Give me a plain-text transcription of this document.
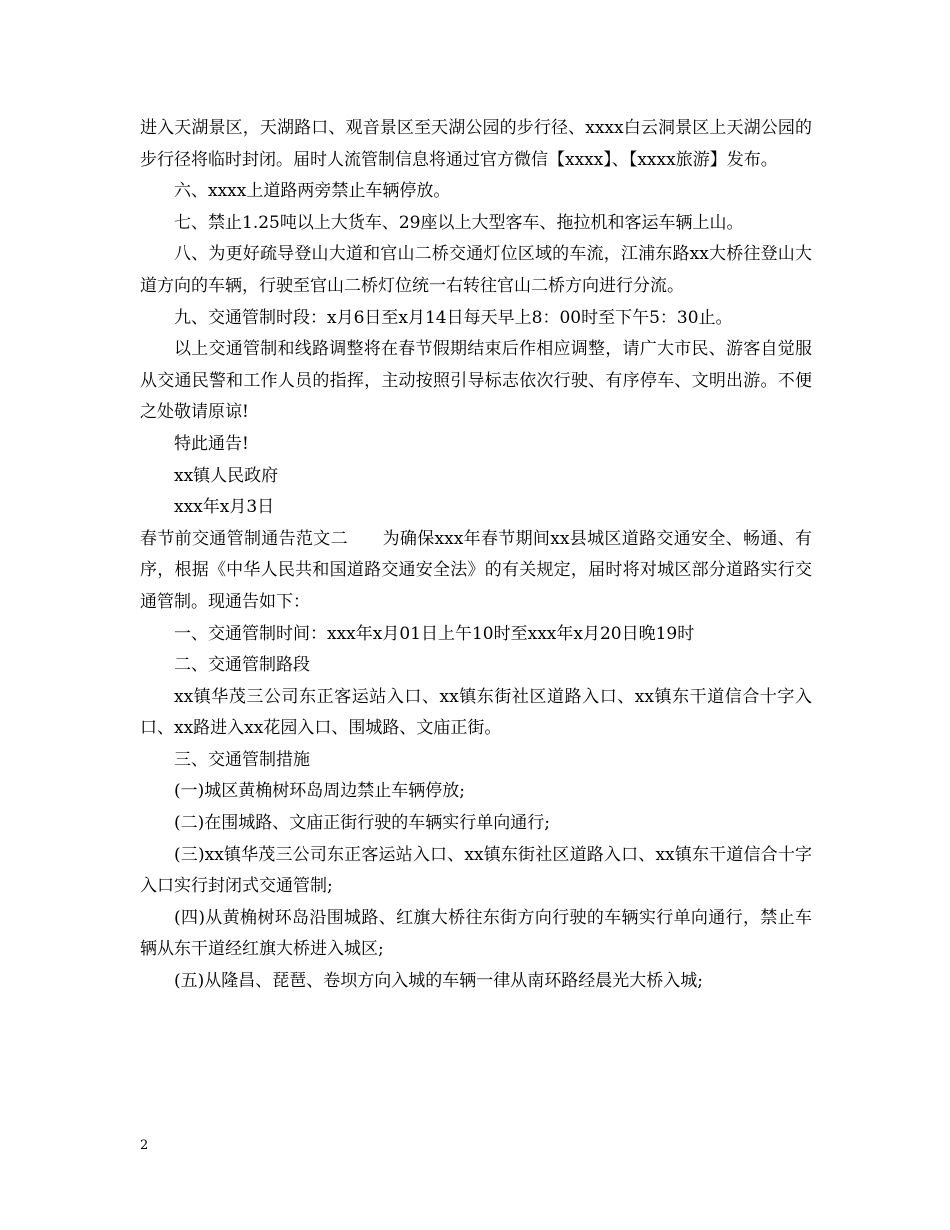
进入天湖景区，天湖路口、观音景区至天湖公园的步行径、xxxx白云洞景区上天湖公园的步行径将临时封闭。届时人流管制信息将通过官方微信【xxxx】、【xxxx旅游】发布。

六、xxxx上道路两旁禁止车辆停放。

七、禁止1.25吨以上大货车、29座以上大型客车、拖拉机和客运车辆上山。

八、为更好疏导登山大道和官山二桥交通灯位区域的车流，江浦东路xx大桥往登山大道方向的车辆，行驶至官山二桥灯位统一右转往官山二桥方向进行分流。

九、交通管制时段：x月6日至x月14日每天早上8：00时至下午5：30止。

以上交通管制和线路调整将在春节假期结束后作相应调整，请广大市民、游客自觉服从交通民警和工作人员的指挥，主动按照引导标志依次行驶、有序停车、文明出游。不便之处敬请原谅!

特此通告!

xx镇人民政府

xxx年x月3日

春节前交通管制通告范文二　　为确保xxx年春节期间xx县城区道路交通安全、畅通、有序，根据《中华人民共和国道路交通安全法》的有关规定，届时将对城区部分道路实行交通管制。现通告如下：

一、交通管制时间：xxx年x月01日上午10时至xxx年x月20日晚19时

二、交通管制路段

xx镇华茂三公司东正客运站入口、xx镇东街社区道路入口、xx镇东干道信合十字入口、xx路进入xx花园入口、围城路、文庙正街。

三、交通管制措施

(一)城区黄桷树环岛周边禁止车辆停放;

(二)在围城路、文庙正街行驶的车辆实行单向通行;

(三)xx镇华茂三公司东正客运站入口、xx镇东街社区道路入口、xx镇东干道信合十字入口实行封闭式交通管制;

(四)从黄桷树环岛沿围城路、红旗大桥往东街方向行驶的车辆实行单向通行，禁止车辆从东干道经红旗大桥进入城区;

(五)从隆昌、琵琶、卷坝方向入城的车辆一律从南环路经晨光大桥入城;

2
